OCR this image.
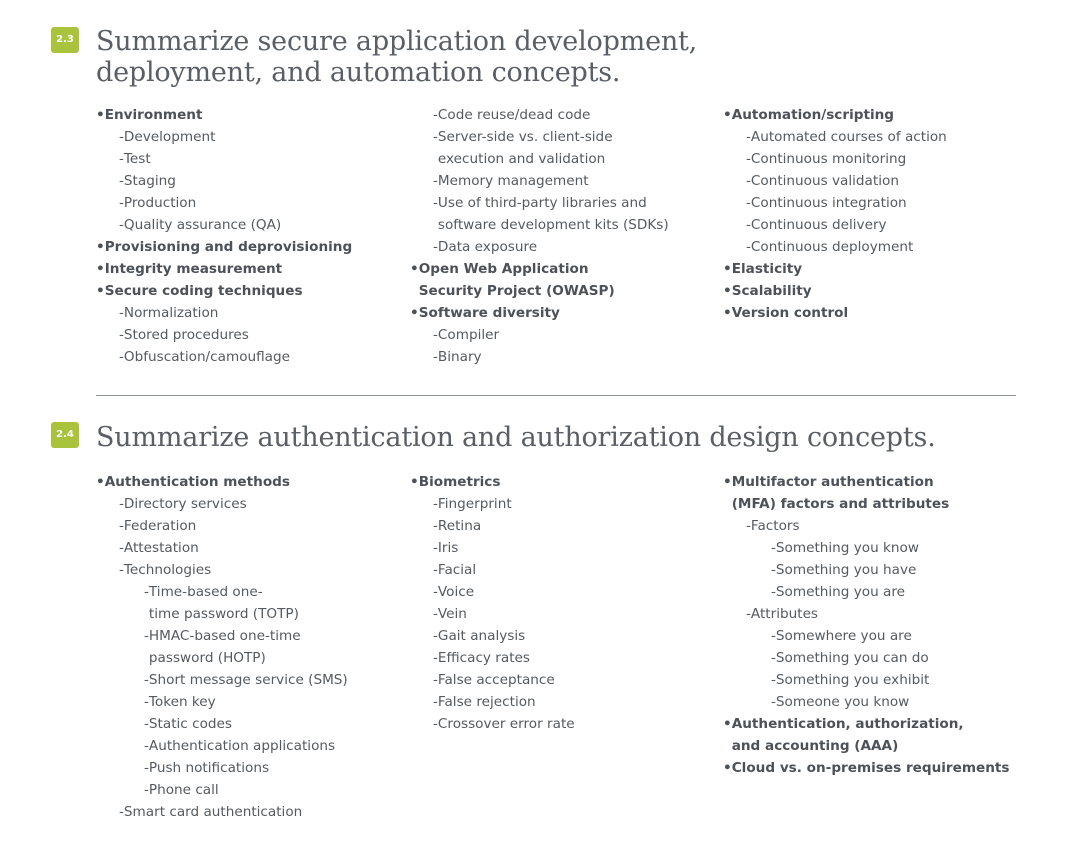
2.3 Summarize secure application development,
deployment, and automation concepts.
•Environment
-Development
-Test
-Staging
-Production
-Quality assurance (QA)
•Provisioning and deprovisioning
•Integrity measurement
•Secure coding techniques
-Normalization
-Stored procedures
-Obfuscation/camouflage
-Code reuse/dead code
-Server-side vs. client-side
execution and validation
-Memory management
-Use of third-party libraries and
software development kits (SDKs)
-Data exposure
•Open Web Application
Security Project (OWASP)
•Software diversity
-Compiler
-Binary
•Automation/scripting
-Automated courses of action
-Continuous monitoring
-Continuous validation
-Continuous integration
-Continuous delivery
-Continuous deployment
•Elasticity
•Scalability
•Version control
2.4 Summarize authentication and authorization design concepts.
•Authentication methods
-Directory services
-Federation
-Attestation
-Technologies
-Time-based one-
time password (TOTP)
-HMAC-based one-time
password (HOTP)
-Short message service (SMS)
-Token key
-Static codes
-Authentication applications
-Push notifications
-Phone call
-Smart card authentication
•Biometrics
-Fingerprint
-Retina
-Iris
-Facial
-Voice
-Vein
-Gait analysis
-Efficacy rates
-False acceptance
-False rejection
-Crossover error rate
•Multifactor authentication
(MFA) factors and attributes
-Factors
-Something you know
-Something you have
-Something you are
-Attributes
-Somewhere you are
-Something you can do
-Something you exhibit
-Someone you know
•Authentication, authorization,
and accounting (AAA)
•Cloud vs. on-premises requirements
